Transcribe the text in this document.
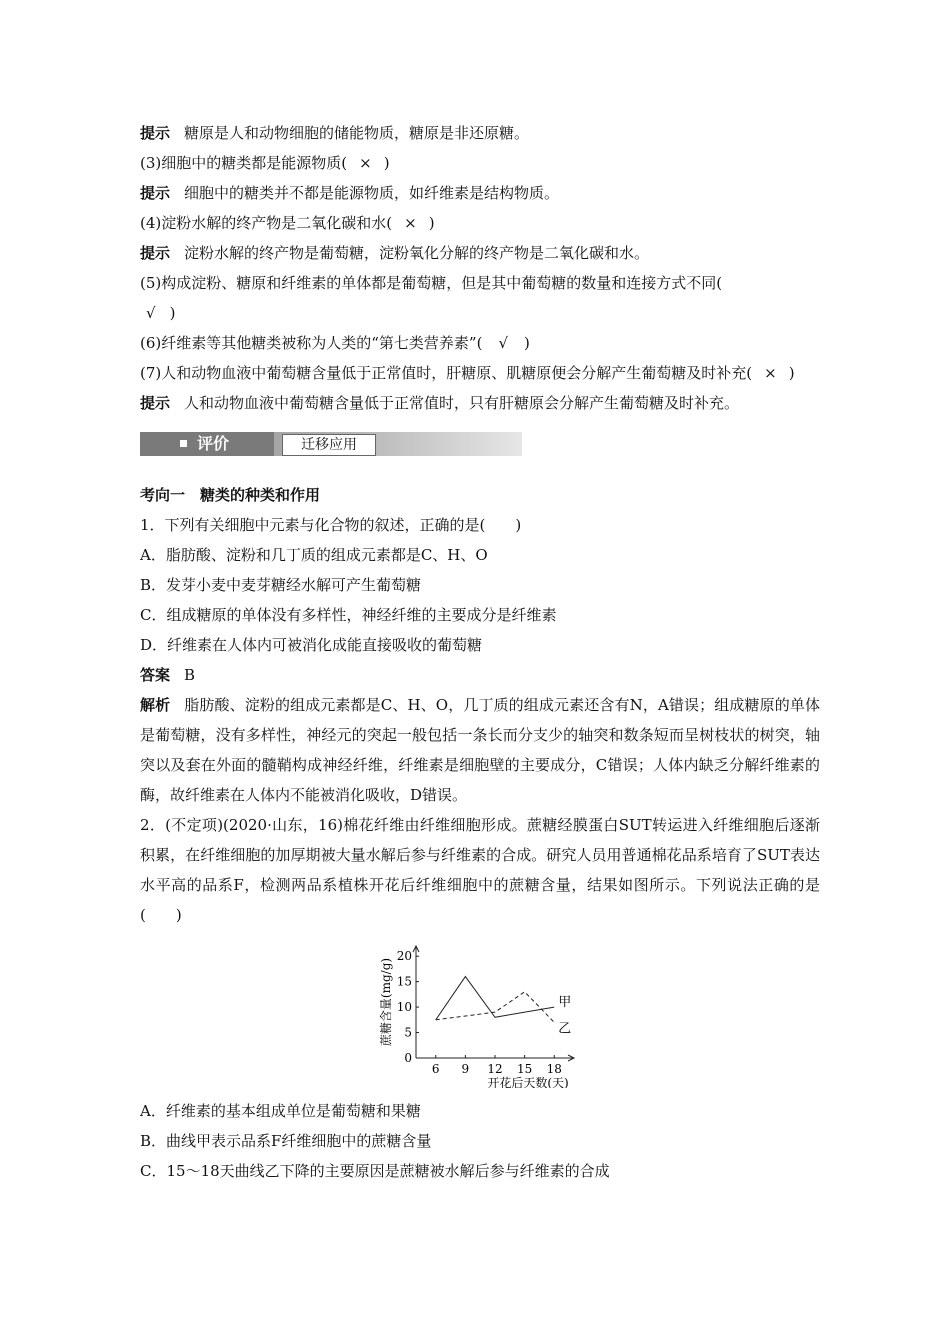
提示 糖原是人和动物细胞的储能物质，糖原是非还原糖。
(3)细胞中的糖类都是能源物质( × )
提示 细胞中的糖类并不都是能源物质，如纤维素是结构物质。
(4)淀粉水解的终产物是二氧化碳和水( × )
提示 淀粉水解的终产物是葡萄糖，淀粉氧化分解的终产物是二氧化碳和水。
(5)构成淀粉、糖原和纤维素的单体都是葡萄糖，但是其中葡萄糖的数量和连接方式不同(
√ )
(6)纤维素等其他糖类被称为人类的“第七类营养素”( √ )
(7)人和动物血液中葡萄糖含量低于正常值时，肝糖原、肌糖原便会分解产生葡萄糖及时补充( × )
提示 人和动物血液中葡萄糖含量低于正常值时，只有肝糖原会分解产生葡萄糖及时补充。
评价	迁移应用
考向一　糖类的种类和作用
1．下列有关细胞中元素与化合物的叙述，正确的是(　　)
A．脂肪酸、淀粉和几丁质的组成元素都是C、H、O
B．发芽小麦中麦芽糖经水解可产生葡萄糖
C．组成糖原的单体没有多样性，神经纤维的主要成分是纤维素
D．纤维素在人体内可被消化成能直接吸收的葡萄糖
答案 B
解析 脂肪酸、淀粉的组成元素都是C、H、O，几丁质的组成元素还含有N，A错误；组成糖原的单体是葡萄糖，没有多样性，神经元的突起一般包括一条长而分支少的轴突和数条短而呈树枝状的树突，轴突以及套在外面的髓鞘构成神经纤维，纤维素是细胞壁的主要成分，C错误；人体内缺乏分解纤维素的酶，故纤维素在人体内不能被消化吸收，D错误。
2．(不定项)(2020·山东，16)棉花纤维由纤维细胞形成。蔗糖经膜蛋白SUT转运进入纤维细胞后逐渐积累，在纤维细胞的加厚期被大量水解后参与纤维素的合成。研究人员用普通棉花品系培育了SUT表达水平高的品系F，检测两品系植株开花后纤维细胞中的蔗糖含量，结果如图所示。下列说法正确的是(　　)
0
5
10
15
20
6 9 12 15 18
开花后天数(天)
蔗糖含量(mg/g)	甲
乙
A．纤维素的基本组成单位是葡萄糖和果糖
B．曲线甲表示品系F纤维细胞中的蔗糖含量
C．15～18天曲线乙下降的主要原因是蔗糖被水解后参与纤维素的合成
